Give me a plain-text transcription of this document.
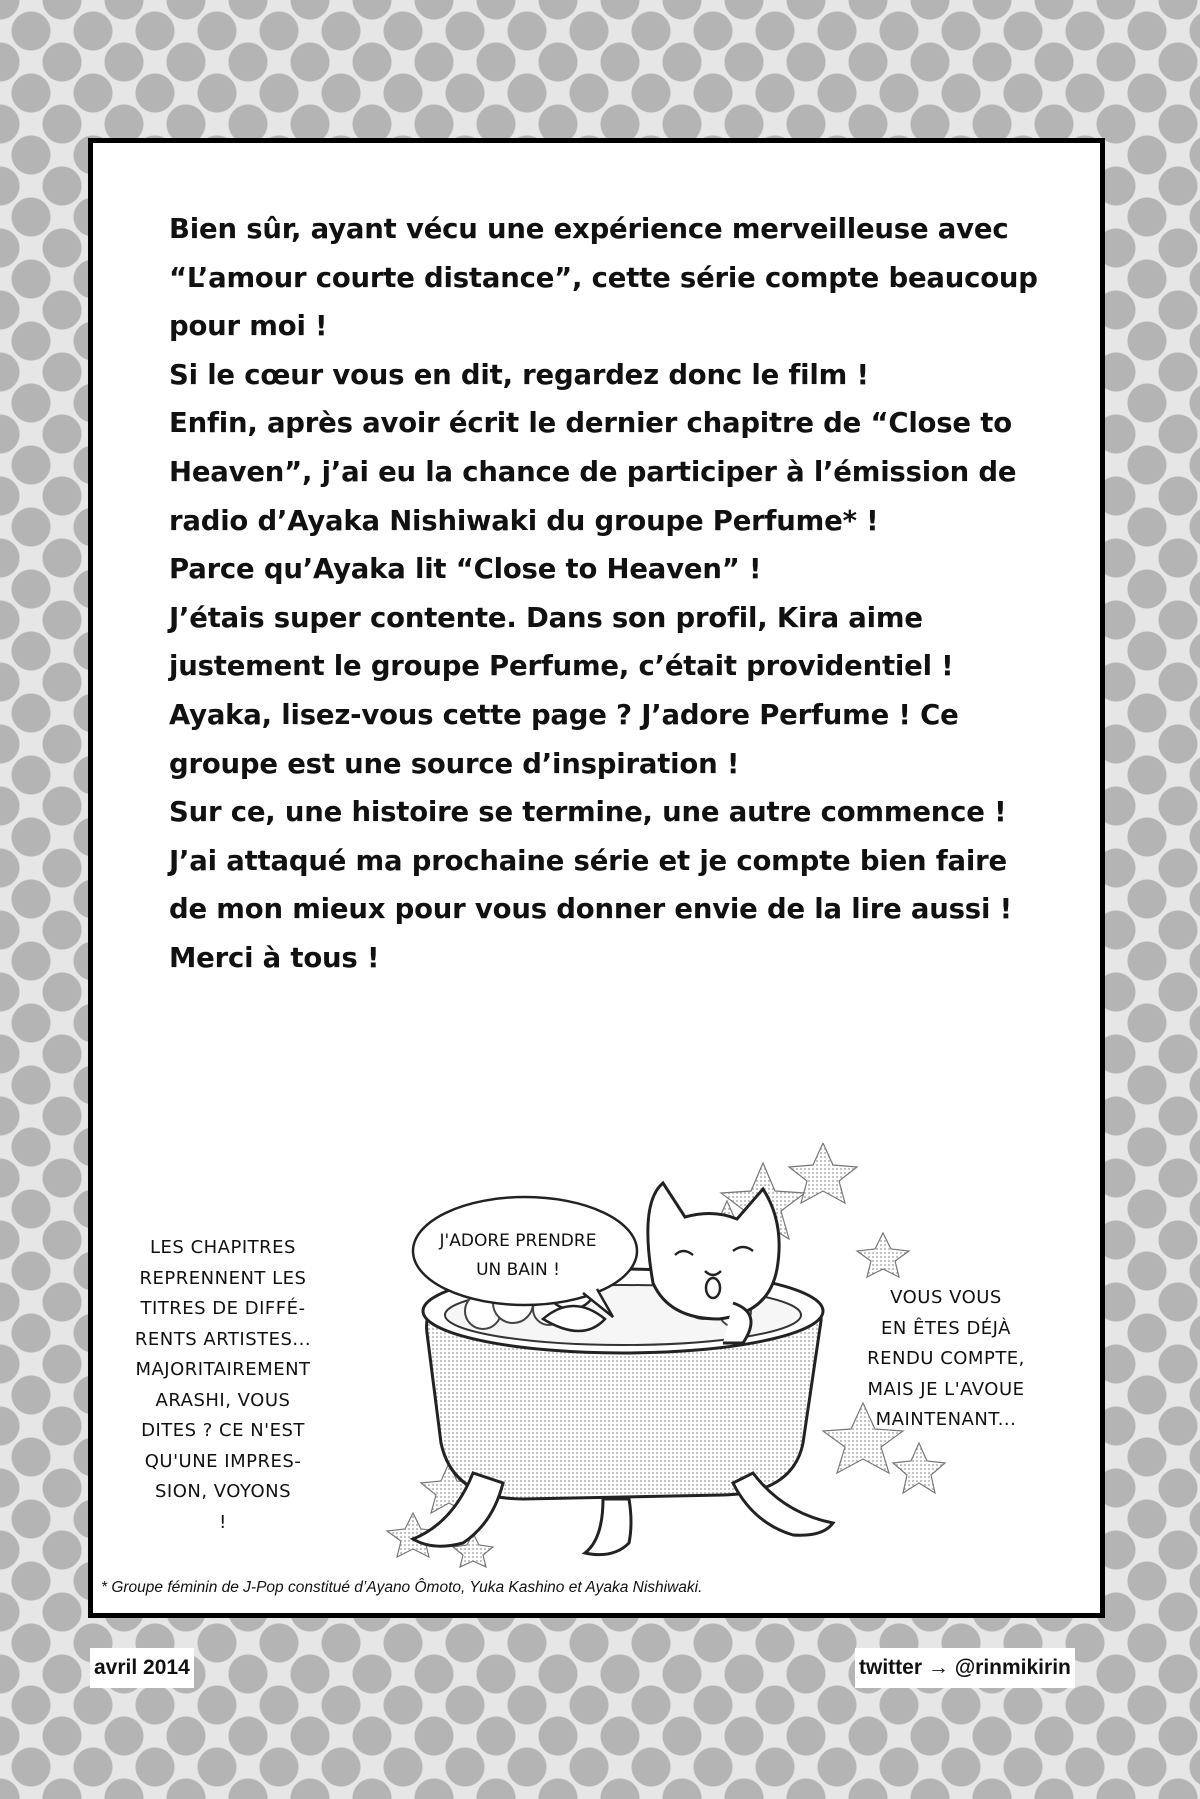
Bien sûr, ayant vécu une expérience merveilleuse avec

“L’amour courte distance”, cette série compte beaucoup

pour moi !

Si le cœur vous en dit, regardez donc le film !

Enfin, après avoir écrit le dernier chapitre de “Close to

Heaven”, j’ai eu la chance de participer à l’émission de

radio d’Ayaka Nishiwaki du groupe Perfume* !

Parce qu’Ayaka lit “Close to Heaven” !

J’étais super contente. Dans son profil, Kira aime

justement le groupe Perfume, c’était providentiel !

Ayaka, lisez-vous cette page ? J’adore Perfume ! Ce

groupe est une source d’inspiration !

Sur ce, une histoire se termine, une autre commence !

J’ai attaqué ma prochaine série et je compte bien faire

de mon mieux pour vous donner envie de la lire aussi !

Merci à tous !

J'ADORE PRENDRE

UN BAIN !

LES CHAPITRES

REPRENNENT LES

TITRES DE DIFFÉ-

RENTS ARTISTES...

MAJORITAIREMENT

ARASHI, VOUS

DITES ? CE N'EST

QU'UNE IMPRES-

SION, VOYONS

!

VOUS VOUS

EN ÊTES DÉJÀ

RENDU COMPTE,

MAIS JE L'AVOUE

MAINTENANT...

* Groupe féminin de J-Pop constitué d’Ayano Ômoto, Yuka Kashino et Ayaka Nishiwaki.
avril 2014	twitter → @rinmikirin
